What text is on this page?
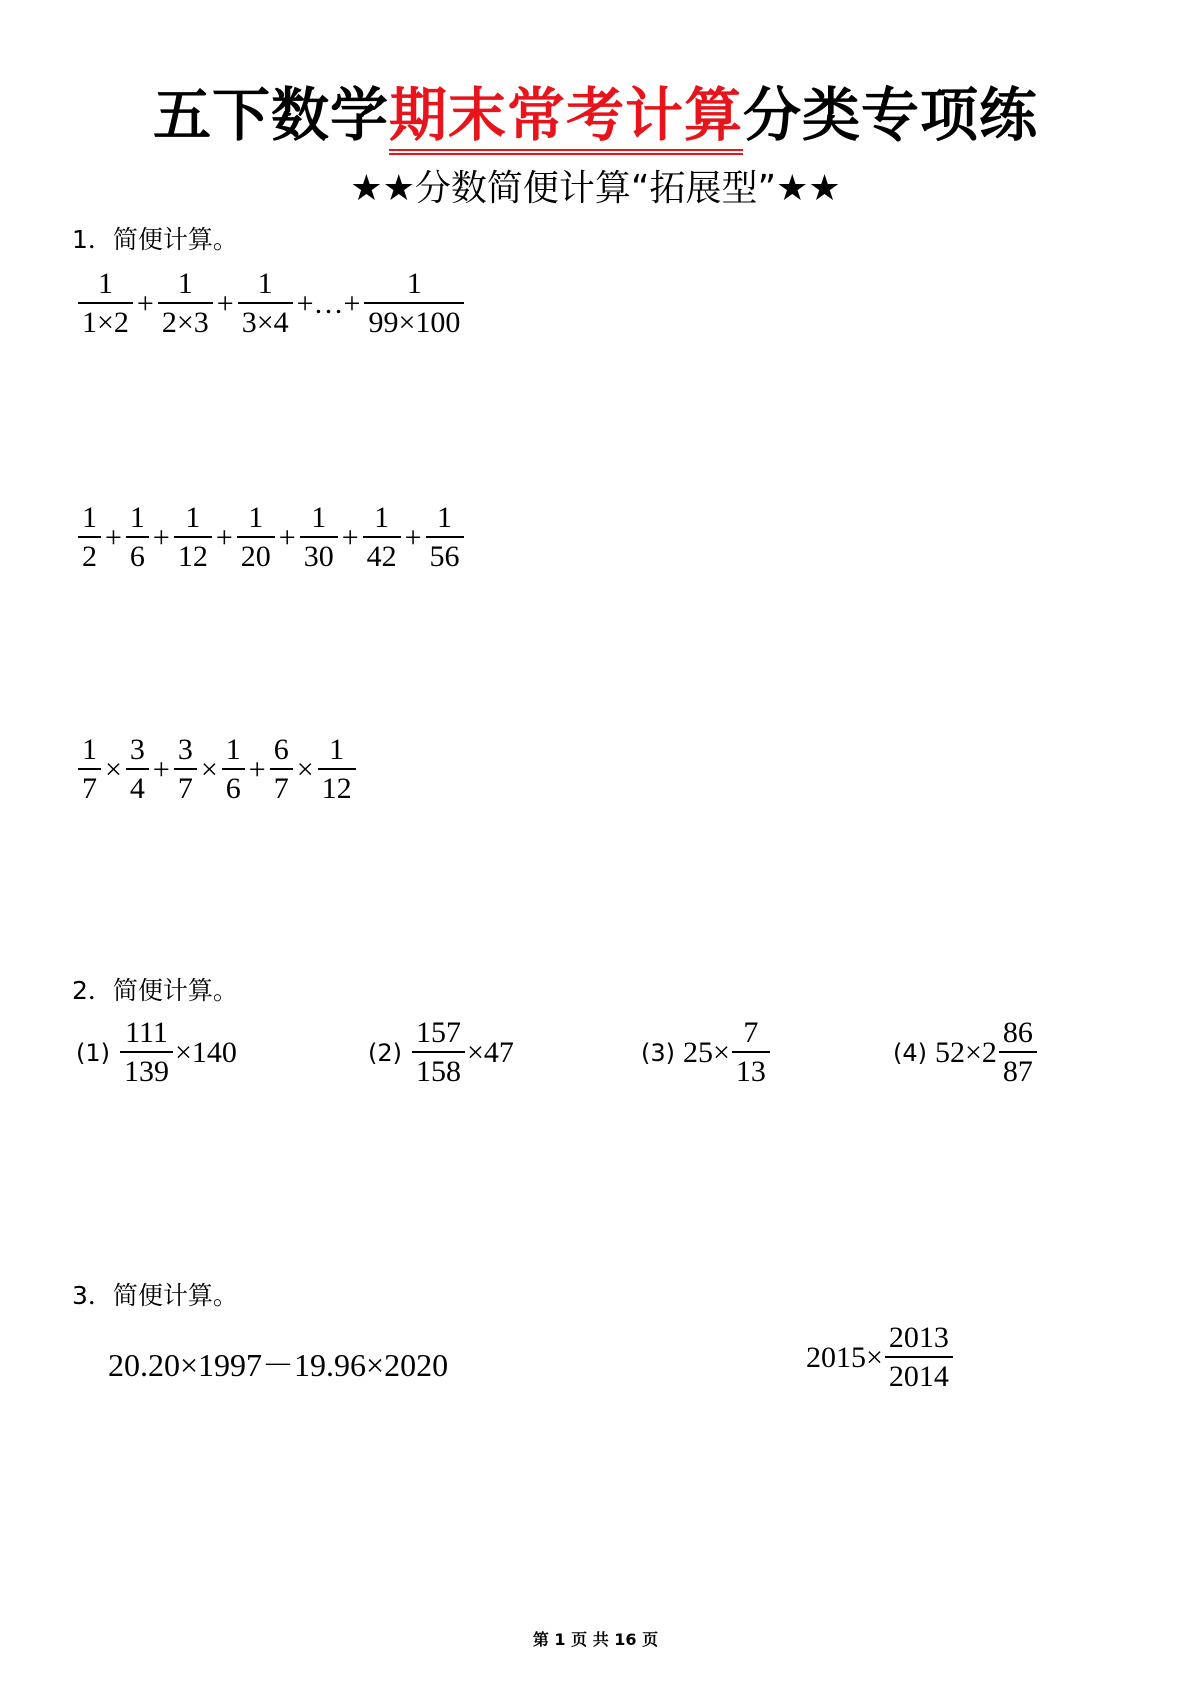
五下数学期末常考计算分类专项练
★★分数简便计算“拓展型”★★
1．简便计算。
$\frac{1}{1\times 2} + \frac{1}{2\times 3} + \frac{1}{3\times 4}$ +…+ $\frac{1}{99\times 100}$
$\frac{1}{2} + \frac{1}{6} + \frac{1}{12} + \frac{1}{20} + \frac{1}{30} + \frac{1}{42} + \frac{1}{56}$
$\frac{1}{7} \times \frac{3}{4} + \frac{3}{7} \times \frac{1}{6} + \frac{6}{7} \times \frac{1}{12}$
2．简便计算。
$(1) \frac{111}{139} \times 140$	$(2) \frac{157}{158} \times 47$	(3) $25\times \frac{7}{13}$	(4) $52\times 2 \frac{86}{87}$
3．简便计算。
20.20×1997－19.96×2020	$2015\times \frac{2013}{2014}$
第 1 页 共 16 页
